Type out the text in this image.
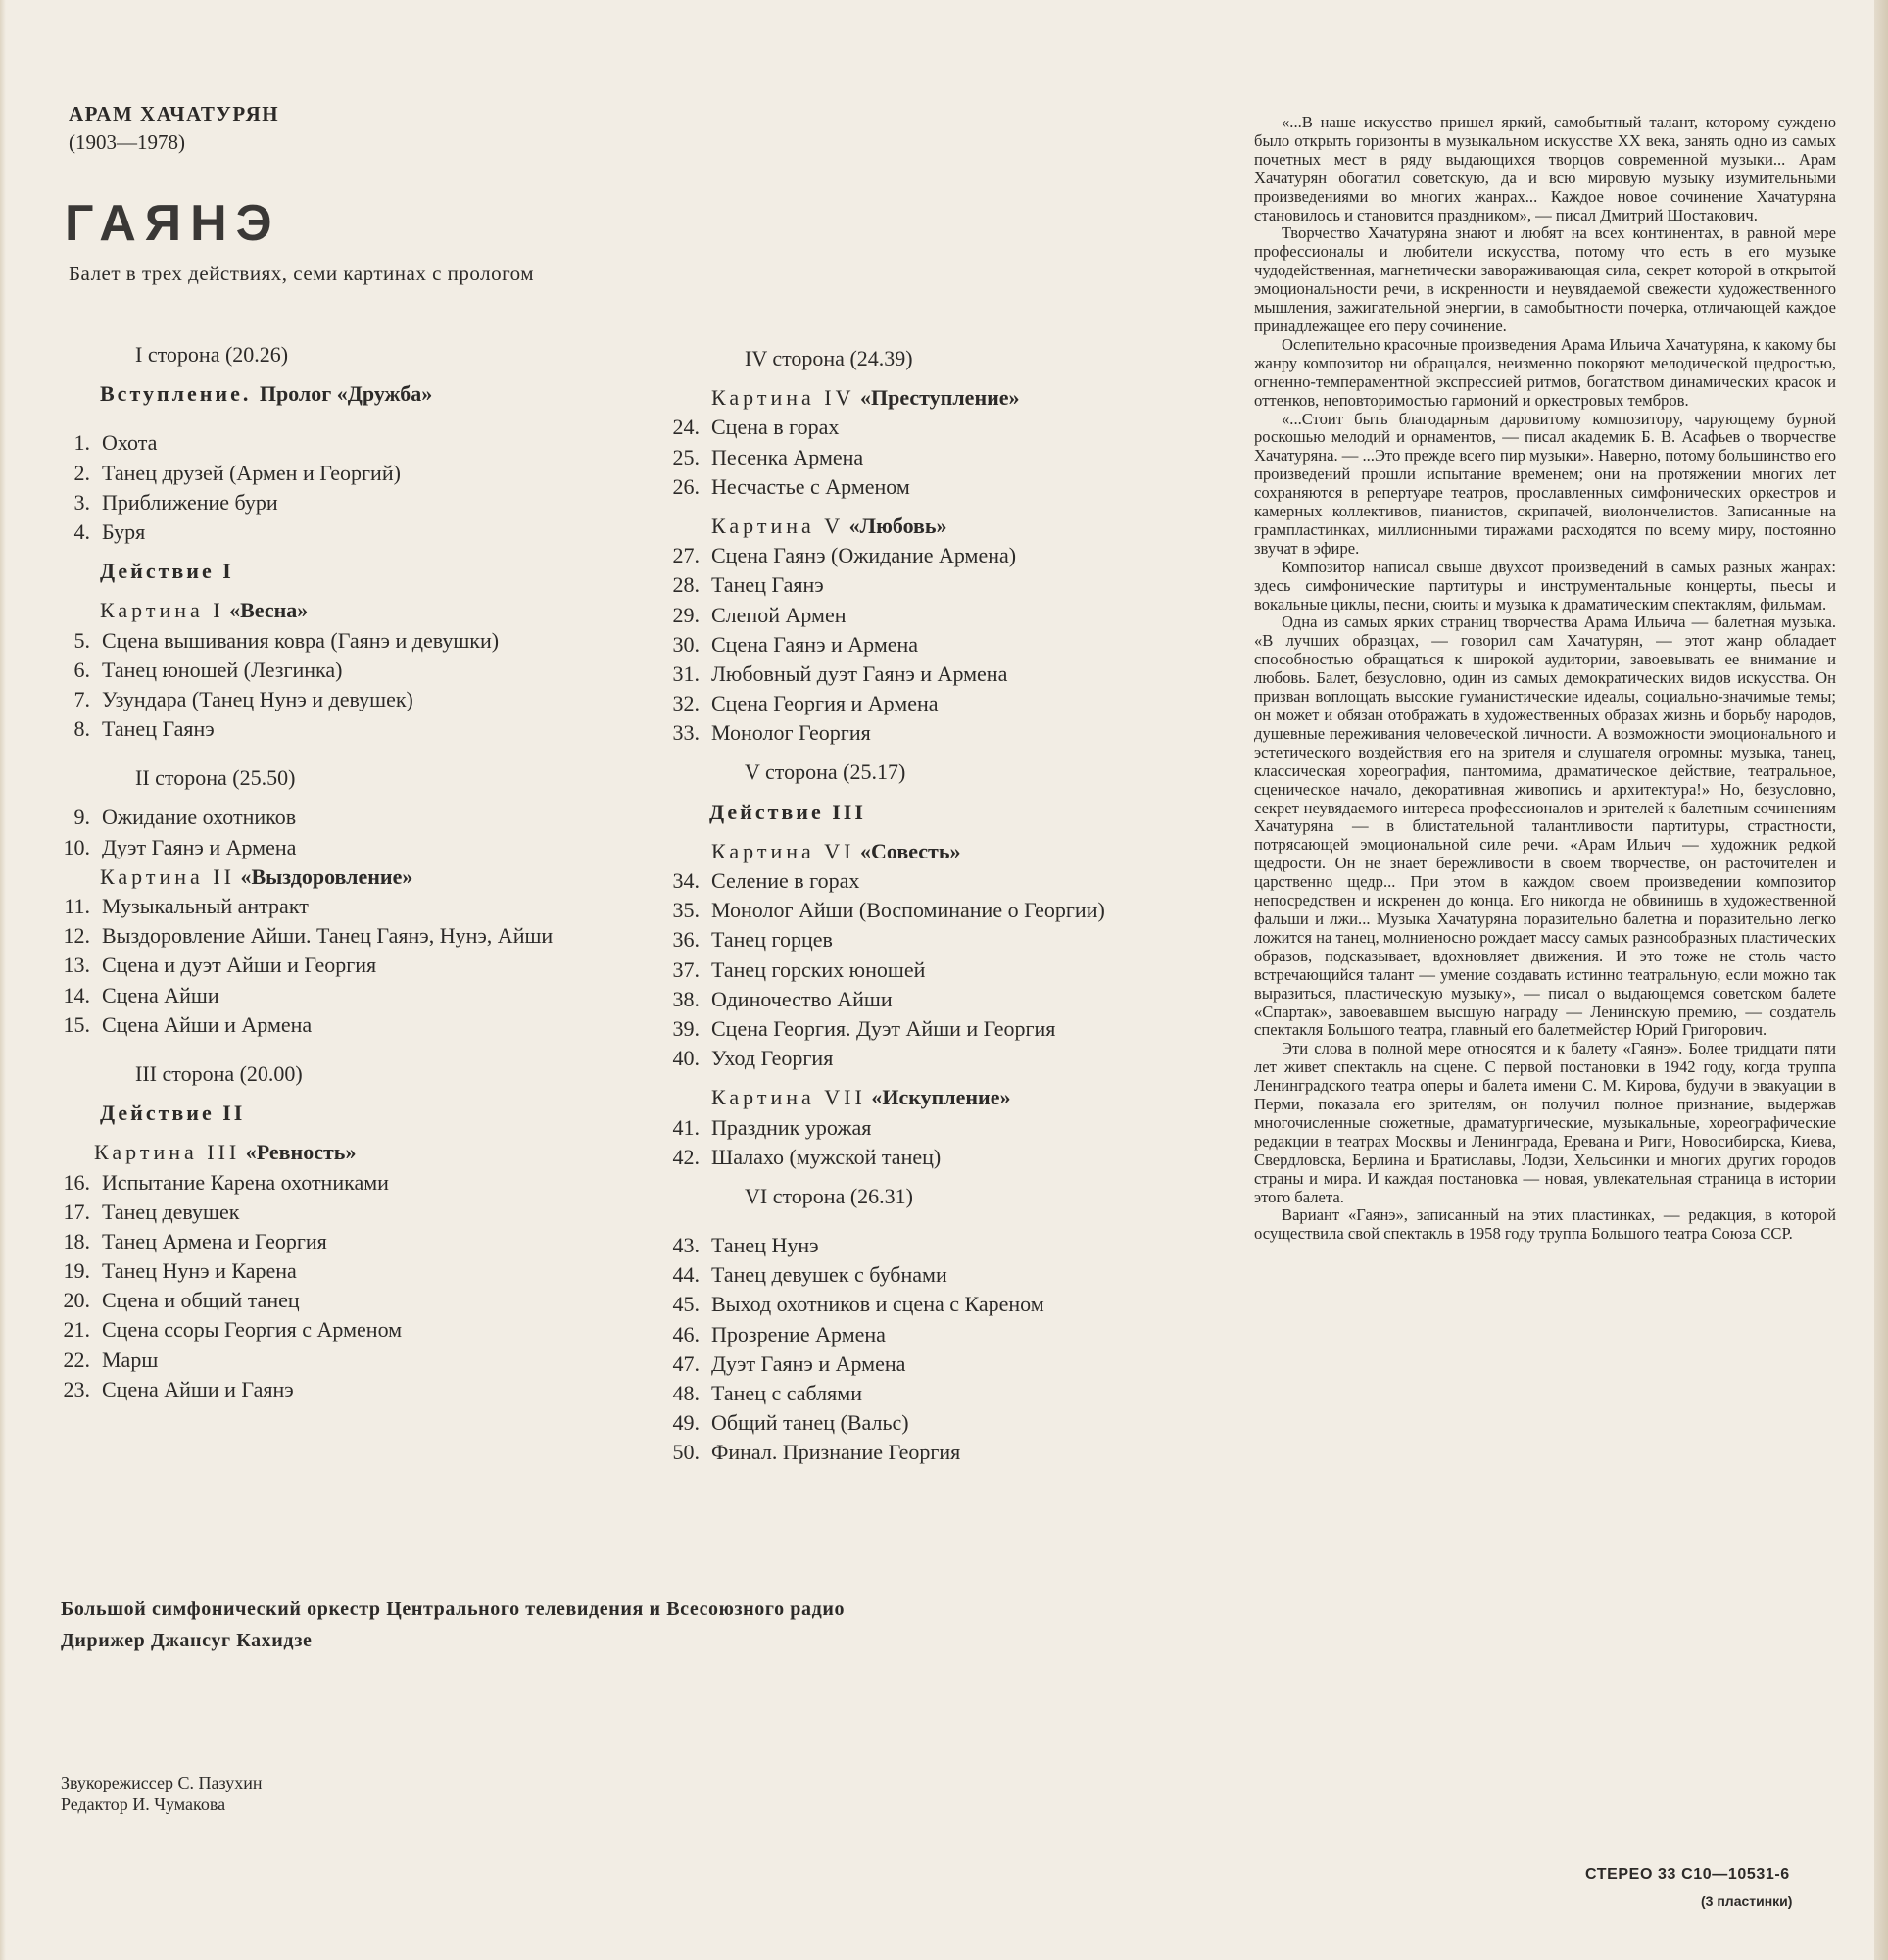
АРАМ ХАЧАТУРЯН
(1903—1978)
ГАЯНЭ
Балет в трех действиях, семи картинах с прологом
I сторона (20.26)
Вступление. Пролог «Дружба»
1. Охота
2. Танец друзей (Армен и Георгий)
3. Приближение бури
4. Буря
Действие I
Картина I «Весна»
5. Сцена вышивания ковра (Гаянэ и девушки)
6. Танец юношей (Лезгинка)
7. Узундара (Танец Нунэ и девушек)
8. Танец Гаянэ
II сторона (25.50)
9. Ожидание охотников
10. Дуэт Гаянэ и Армена
Картина II «Выздоровление»
11. Музыкальный антракт
12. Выздоровление Айши. Танец Гаянэ, Нунэ, Айши
13. Сцена и дуэт Айши и Георгия
14. Сцена Айши
15. Сцена Айши и Армена
III сторона (20.00)
Действие II
Картина III «Ревность»
16. Испытание Карена охотниками
17. Танец девушек
18. Танец Армена и Георгия
19. Танец Нунэ и Карена
20. Сцена и общий танец
21. Сцена ссоры Георгия с Арменом
22. Марш
23. Сцена Айши и Гаянэ
IV сторона (24.39)
Картина IV «Преступление»
24. Сцена в горах
25. Песенка Армена
26. Несчастье с Арменом
Картина V «Любовь»
27. Сцена Гаянэ (Ожидание Армена)
28. Танец Гаянэ
29. Слепой Армен
30. Сцена Гаянэ и Армена
31. Любовный дуэт Гаянэ и Армена
32. Сцена Георгия и Армена
33. Монолог Георгия
V сторона (25.17)
Действие III
Картина VI «Совесть»
34. Селение в горах
35. Монолог Айши (Воспоминание о Георгии)
36. Танец горцев
37. Танец горских юношей
38. Одиночество Айши
39. Сцена Георгия. Дуэт Айши и Георгия
40. Уход Георгия
Картина VII «Искупление»
41. Праздник урожая
42. Шалахо (мужской танец)
VI сторона (26.31)
43. Танец Нунэ
44. Танец девушек с бубнами
45. Выход охотников и сцена с Кареном
46. Прозрение Армена
47. Дуэт Гаянэ и Армена
48. Танец с саблями
49. Общий танец (Вальс)
50. Финал. Признание Георгия
Большой симфонический оркестр Центрального телевидения и Всесоюзного радио
Дирижер Джансуг Кахидзе
Звукорежиссер С. Пазухин
Редактор И. Чумакова

«...В наше искусство пришел яркий, самобытный талант, которому суждено было открыть горизонты в музыкальном искусстве XX века, занять одно из самых почетных мест в ряду выдающихся творцов современной музыки... Арам Хачатурян обогатил советскую, да и всю мировую музыку изумительными произведениями во многих жанрах... Каждое новое сочинение Хачатуряна становилось и становится праздником», — писал Дмитрий Шостакович.

Творчество Хачатуряна знают и любят на всех континентах, в равной мере профессионалы и любители искусства, потому что есть в его музыке чудодейственная, магнетически завораживающая сила, секрет которой в открытой эмоциональности речи, в искренности и неувядаемой свежести художественного мышления, зажигательной энергии, в самобытности почерка, отличающей каждое принадлежащее его перу сочинение.

Ослепительно красочные произведения Арама Ильича Хачатуряна, к какому бы жанру композитор ни обращался, неизменно покоряют мелодической щедростью, огненно-темпераментной экспрессией ритмов, богатством динамических красок и оттенков, неповторимостью гармоний и оркестровых тембров.

«...Стоит быть благодарным даровитому композитору, чарующему бурной роскошью мелодий и орнаментов, — писал академик Б. В. Асафьев о творчестве Хачатуряна. — ...Это прежде всего пир музыки». Наверно, потому большинство его произведений прошли испытание временем; они на протяжении многих лет сохраняются в репертуаре театров, прославленных симфонических оркестров и камерных коллективов, пианистов, скрипачей, виолончелистов. Записанные на грампластинках, миллионными тиражами расходятся по всему миру, постоянно звучат в эфире.

Композитор написал свыше двухсот произведений в самых разных жанрах: здесь симфонические партитуры и инструментальные концерты, пьесы и вокальные циклы, песни, сюиты и музыка к драматическим спектаклям, фильмам.

Одна из самых ярких страниц творчества Арама Ильича — балетная музыка. «В лучших образцах, — говорил сам Хачатурян, — этот жанр обладает способностью обращаться к широкой аудитории, завоевывать ее внимание и любовь. Балет, безусловно, один из самых демократических видов искусства. Он призван воплощать высокие гуманистические идеалы, социально-значимые темы; он может и обязан отображать в художественных образах жизнь и борьбу народов, душевные переживания человеческой личности. А возможности эмоционального и эстетического воздействия его на зрителя и слушателя огромны: музыка, танец, классическая хореография, пантомима, драматическое действие, театральное, сценическое начало, декоративная живопись и архитектура!» Но, безусловно, секрет неувядаемого интереса профессионалов и зрителей к балетным сочинениям Хачатуряна — в блистательной талантливости партитуры, страстности, потрясающей эмоциональной силе речи. «Арам Ильич — художник редкой щедрости. Он не знает бережливости в своем творчестве, он расточителен и царственно щедр... При этом в каждом своем произведении композитор непосредствен и искренен до конца. Его никогда не обвинишь в художественной фальши и лжи... Музыка Хачатуряна поразительно балетна и поразительно легко ложится на танец, молниеносно рождает массу самых разнообразных пластических образов, подсказывает, вдохновляет движения. И это тоже не столь часто встречающийся талант — умение создавать истинно театральную, если можно так выразиться, пластическую музыку», — писал о выдающемся советском балете «Спартак», завоевавшем высшую награду — Ленинскую премию, — создатель спектакля Большого театра, главный его балетмейстер Юрий Григорович.

Эти слова в полной мере относятся и к балету «Гаянэ». Более тридцати пяти лет живет спектакль на сцене. С первой постановки в 1942 году, когда труппа Ленинградского театра оперы и балета имени С. М. Кирова, будучи в эвакуации в Перми, показала его зрителям, он получил полное признание, выдержав многочисленные сюжетные, драматургические, музыкальные, хореографические редакции в театрах Москвы и Ленинграда, Еревана и Риги, Новосибирска, Киева, Свердловска, Берлина и Братиславы, Лодзи, Хельсинки и многих других городов страны и мира. И каждая постановка — новая, увлекательная страница в истории этого балета.

Вариант «Гаянэ», записанный на этих пластинках, — редакция, в которой осуществила свой спектакль в 1958 году труппа Большого театра Союза ССР.

СТЕРЕО 33 С10—10531-6
(3 пластинки)
